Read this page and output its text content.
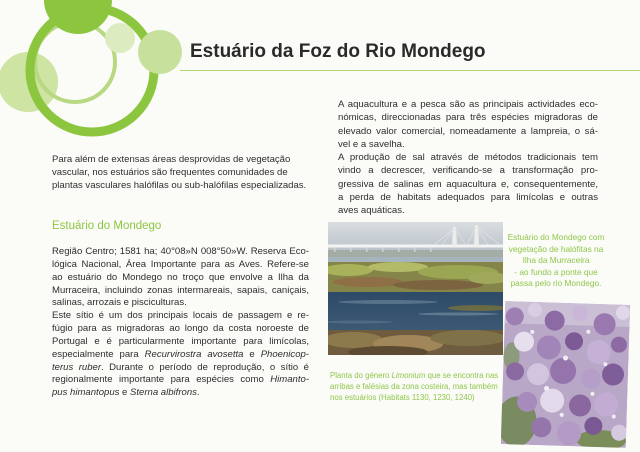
Estuário da Foz do Rio Mondego
Para além de extensas áreas desprovidas de vegetação
vascular, nos estuários são frequentes comunidades de
plantas vasculares halófilas ou sub-halófilas especializadas.
Estuário do Mondego
Região Centro; 1581 ha; 40°08»N 008°50»W. Reserva Eco-
lógica Nacional, Área Importante para as Aves. Refere-se
ao estuário do Mondego no troço que envolve a Ilha da
Murraceira, incluindo zonas intermareais, sapais, caniçais,
salinas, arrozais e pisciculturas.
Este sítio é um dos principais locais de passagem e re-
fúgio para as migradoras ao longo da costa noroeste de
Portugal e é particularmente importante para limícolas,
especialmente para Recurvirostra avosetta e Phoenicop-
terus ruber. Durante o período de reprodução, o sítio é
regionalmente importante para espécies como Himanto-
pus himantopus e Sterna albifrons.
A aquacultura e a pesca são as principais actividades eco-
nómicas, direccionadas para três espécies migradoras de
elevado valor comercial, nomeadamente a lampreia, o sá-
vel e a savelha.
A produção de sal através de métodos tradicionais tem
vindo a decrescer, verificando-se a transformação pro-
gressiva de salinas em aquacultura e, consequentemente,
a perda de habitats adequados para limícolas e outras
aves aquáticas.
Estuário do Mondego com
vegetação de halófitas na
Ilha da Murraceira
- ao fundo a ponte que
passa pelo rio Mondego.
Planta do género Limonium que se encontra nas
arribas e falésias da zona costeira, mas também
nos estuários (Habitats 1130, 1230, 1240)
